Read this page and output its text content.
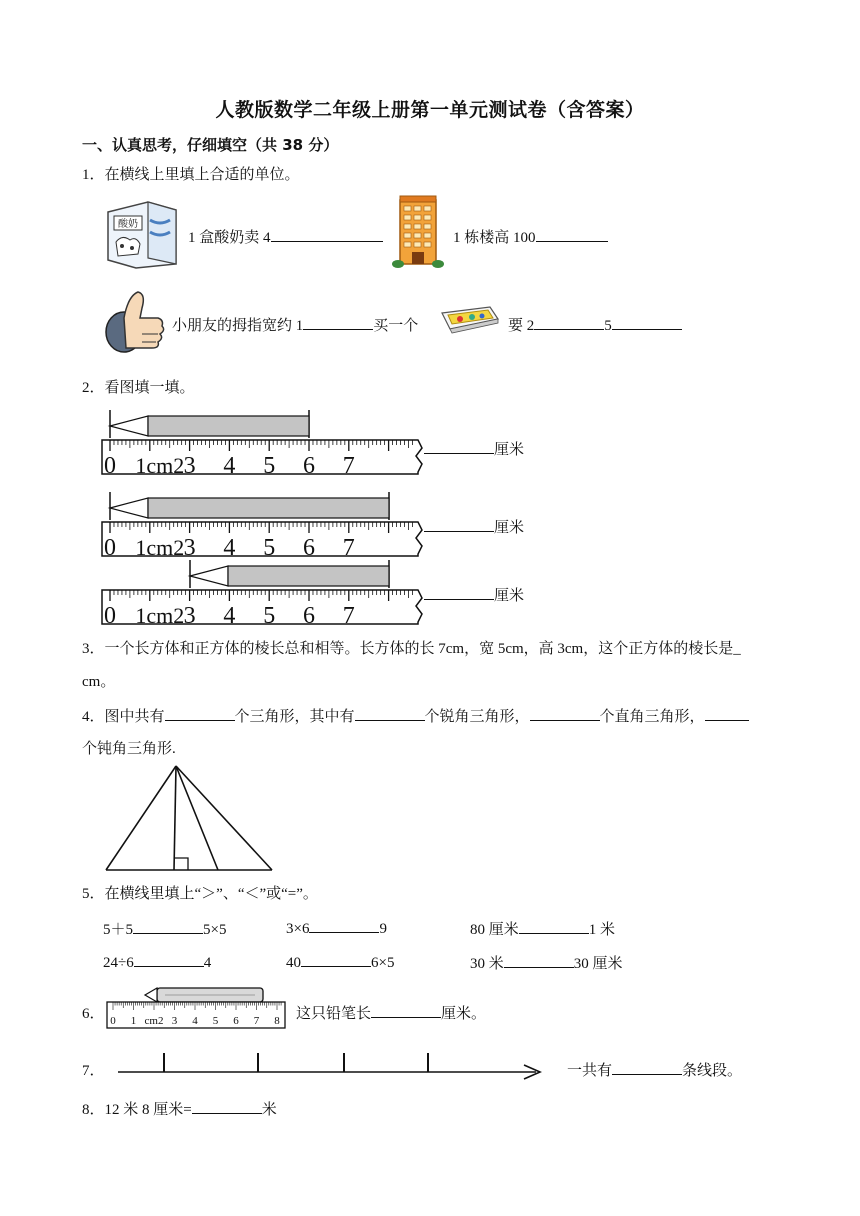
人教版数学二年级上册第一单元测试卷（含答案）
一、认真思考，仔细填空（共 38 分）
1．在横线上里填上合适的单位。
酸奶
1 盒酸奶卖 4	1 栋楼高 100
小朋友的拇指宽约 1	买一个	要 2	5
2．看图填一填。
0 1cm2 3 4 5 6 7
厘米
0 1cm2 3 4 5 6 7
厘米
0 1cm2 3 4 5 6 7
厘米
3．一个长方体和正方体的棱长总和相等。长方体的长 7cm，宽 5cm，高 3cm，这个正方体的棱长是_
cm。
4．图中共有	个三角形，其中有	个锐角三角形，	个直角三角形，
个钝角三角形.
5．在横线里填上“＞”、“＜”或“=”。
5＋5	5×5	3×6	9	80 厘米	1 米
24÷6	4	40	6×5	30 米	30 厘米
6． 0 1 cm2 3 4 5 6 7 8 这只铅笔长	厘米。
7．	一共有	条线段。
8．12 米 8 厘米=	米
